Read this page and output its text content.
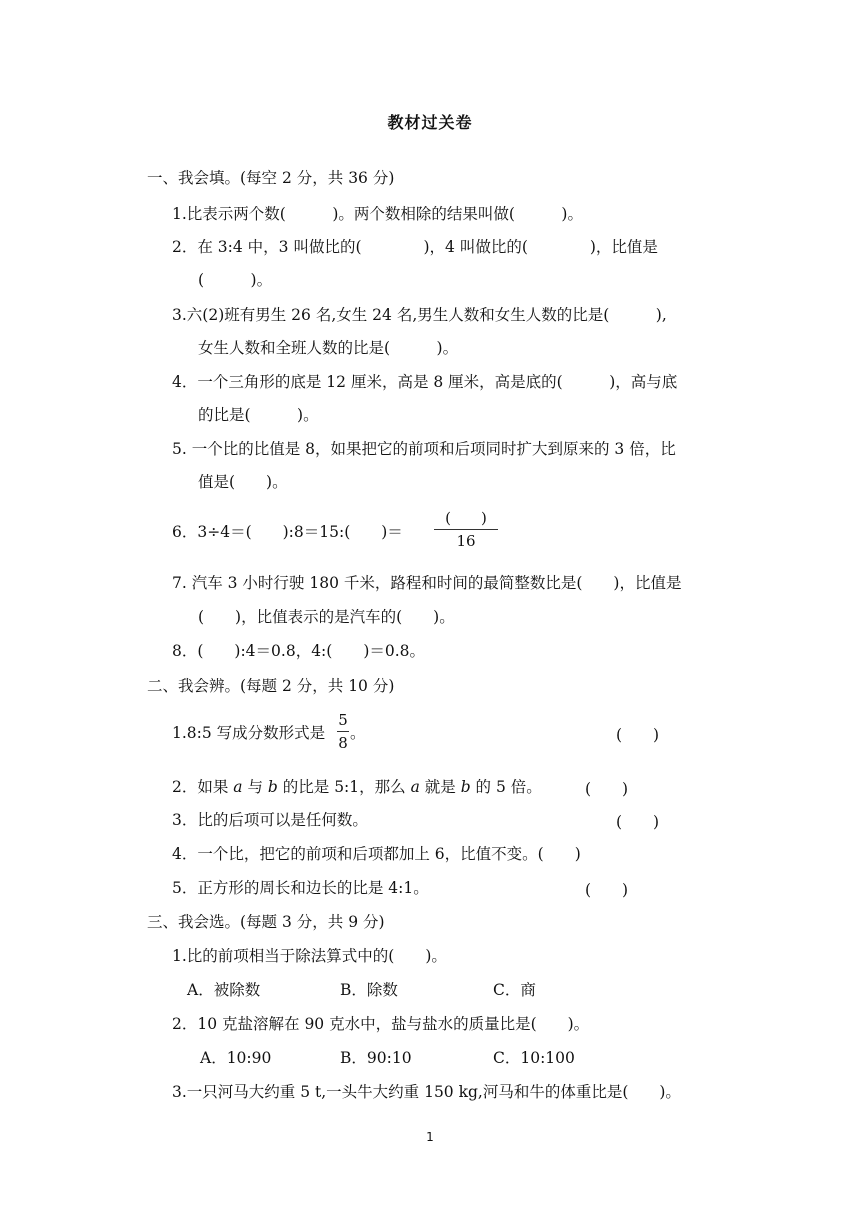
教材过关卷
一、我会填。(每空 2 分，共 36 分)
1.比表示两个数(　　　)。两个数相除的结果叫做(　　　)。
2．在 3:4 中，3 叫做比的(　　　　)，4 叫做比的(　　　　)，比值是
(　　　)。
3.六(2)班有男生 26 名,女生 24 名,男生人数和女生人数的比是(　　　),
女生人数和全班人数的比是(　　　)。
4．一个三角形的底是 12 厘米，高是 8 厘米，高是底的(　　　)，高与底
的比是(　　　)。
5. 一个比的比值是 8，如果把它的前项和后项同时扩大到原来的 3 倍，比
值是(　　)。
6．3÷4＝(　　):8＝15:(　　)＝
(　　)
16
7. 汽车 3 小时行驶 180 千米，路程和时间的最简整数比是(　　)，比值是
(　　)，比值表示的是汽车的(　　)。
8．(　　):4＝0.8，4:(　　)＝0.8。
二、我会辨。(每题 2 分，共 10 分)
1.8:5 写成分数形式是
5
8
。	(　　)
2．如果 a 与 b 的比是 5:1，那么 a 就是 b 的 5 倍。	(　　)
3．比的后项可以是任何数。	(　　)
4．一个比，把它的前项和后项都加上 6，比值不变。(　　)
5．正方形的周长和边长的比是 4:1。	(　　)
三、我会选。(每题 3 分，共 9 分)
1.比的前项相当于除法算式中的(　　)。
A．被除数	B．除数	C．商
2．10 克盐溶解在 90 克水中，盐与盐水的质量比是(　　)。
A．10:90	B．90:10	C．10:100
3.一只河马大约重 5 t,一头牛大约重 150 kg,河马和牛的体重比是(　　)。
1
